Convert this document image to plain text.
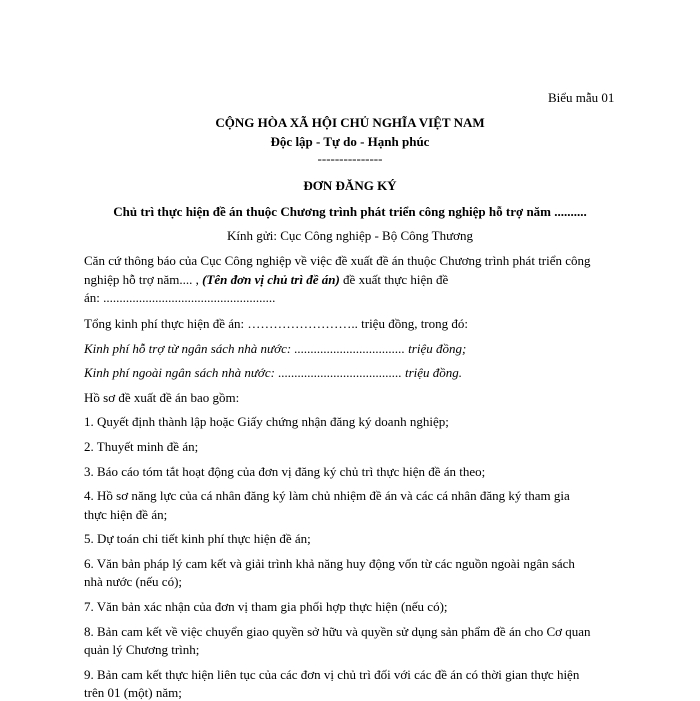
Biểu mẫu 01
CỘNG HÒA XÃ HỘI CHỦ NGHĨA VIỆT NAM
Độc lập - Tự do - Hạnh phúc
---------------
ĐƠN ĐĂNG KÝ
Chủ trì thực hiện đề án thuộc Chương trình phát triển công nghiệp hỗ trợ năm ..........
Kính gửi: Cục Công nghiệp - Bộ Công Thương
Căn cứ thông báo của Cục Công nghiệp về việc đề xuất đề án thuộc Chương trình phát triển công
nghiệp hỗ trợ năm.... , (Tên đơn vị chủ trì đề án) đề xuất thực hiện đề
án: .....................................................
Tổng kinh phí thực hiện đề án: …………………….. triệu đồng, trong đó:
Kinh phí hỗ trợ từ ngân sách nhà nước: .................................. triệu đồng;
Kinh phí ngoài ngân sách nhà nước: ...................................... triệu đồng.
Hồ sơ đề xuất đề án bao gồm:
1. Quyết định thành lập hoặc Giấy chứng nhận đăng ký doanh nghiệp;
2. Thuyết minh đề án;
3. Báo cáo tóm tắt hoạt động của đơn vị đăng ký chủ trì thực hiện đề án theo;
4. Hồ sơ năng lực của cá nhân đăng ký làm chủ nhiệm đề án và các cá nhân đăng ký tham gia
thực hiện đề án;
5. Dự toán chi tiết kinh phí thực hiện đề án;
6. Văn bản pháp lý cam kết và giải trình khả năng huy động vốn từ các nguồn ngoài ngân sách
nhà nước (nếu có);
7. Văn bản xác nhận của đơn vị tham gia phối hợp thực hiện (nếu có);
8. Bản cam kết về việc chuyển giao quyền sở hữu và quyền sử dụng sản phẩm đề án cho Cơ quan
quản lý Chương trình;
9. Bản cam kết thực hiện liên tục của các đơn vị chủ trì đối với các đề án có thời gian thực hiện
trên 01 (một) năm;
